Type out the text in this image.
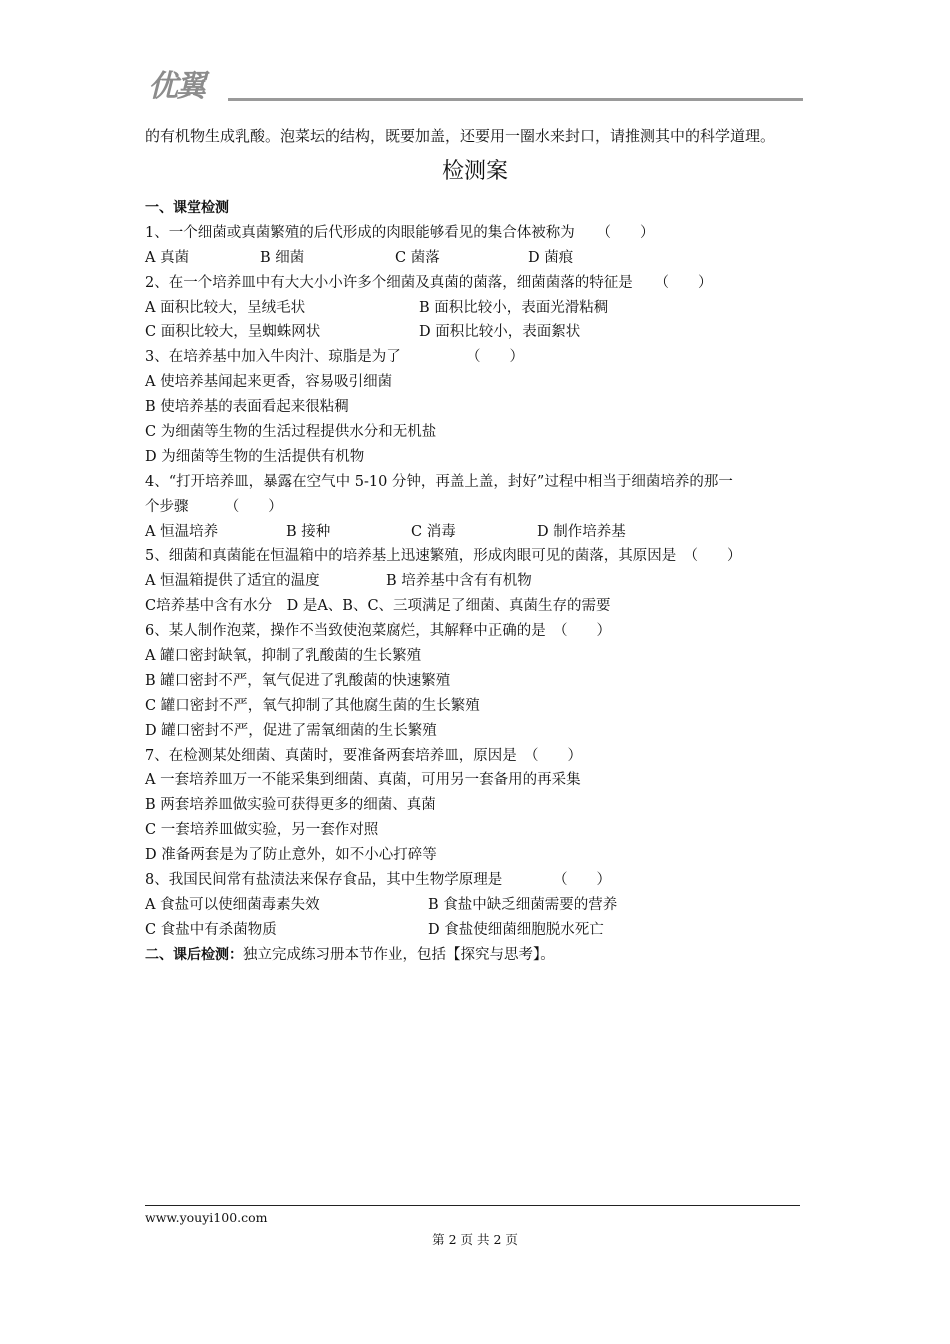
优翼
的有机物生成乳酸。泡菜坛的结构，既要加盖，还要用一圈水来封口，请推测其中的科学道理。
检测案
一、课堂检测
1、一个细菌或真菌繁殖的后代形成的肉眼能够看见的集合体被称为　　（　　）
A 真菌	B 细菌	C 菌落	D 菌痕
2、在一个培养皿中有大大小小许多个细菌及真菌的菌落，细菌菌落的特征是　　（　　）
A 面积比较大，呈绒毛状	B 面积比较小，表面光滑粘稠
C 面积比较大，呈蜘蛛网状	D 面积比较小，表面絮状
3、在培养基中加入牛肉汁、琼脂是为了　　　　　（　　）
A 使培养基闻起来更香，容易吸引细菌
B 使培养基的表面看起来很粘稠
C 为细菌等生物的生活过程提供水分和无机盐
D 为细菌等生物的生活提供有机物
4、“打开培养皿，暴露在空气中 5-10 分钟，再盖上盖，封好”过程中相当于细菌培养的那一
个步骤　　　（　　）
A 恒温培养	B 接种	C 消毒	D 制作培养基
5、细菌和真菌能在恒温箱中的培养基上迅速繁殖，形成肉眼可见的菌落，其原因是　（　　）
A 恒温箱提供了适宜的温度	B 培养基中含有有机物
C培养基中含有水分　D 是A、B、C、三项满足了细菌、真菌生存的需要
6、某人制作泡菜，操作不当致使泡菜腐烂，其解释中正确的是　（　　）
A 罐口密封缺氧，抑制了乳酸菌的生长繁殖
B 罐口密封不严，氧气促进了乳酸菌的快速繁殖
C 罐口密封不严，氧气抑制了其他腐生菌的生长繁殖
D 罐口密封不严，促进了需氧细菌的生长繁殖
7、在检测某处细菌、真菌时，要准备两套培养皿，原因是　（　　）
A 一套培养皿万一不能采集到细菌、真菌，可用另一套备用的再采集
B 两套培养皿做实验可获得更多的细菌、真菌
C 一套培养皿做实验，另一套作对照
D 准备两套是为了防止意外，如不小心打碎等
8、我国民间常有盐渍法来保存食品，其中生物学原理是　　　　（　　）
A 食盐可以使细菌毒素失效	B 食盐中缺乏细菌需要的营养
C 食盐中有杀菌物质	D 食盐使细菌细胞脱水死亡
二、课后检测：独立完成练习册本节作业，包括【探究与思考】。
www.youyi100.com
第 2 页 共 2 页
